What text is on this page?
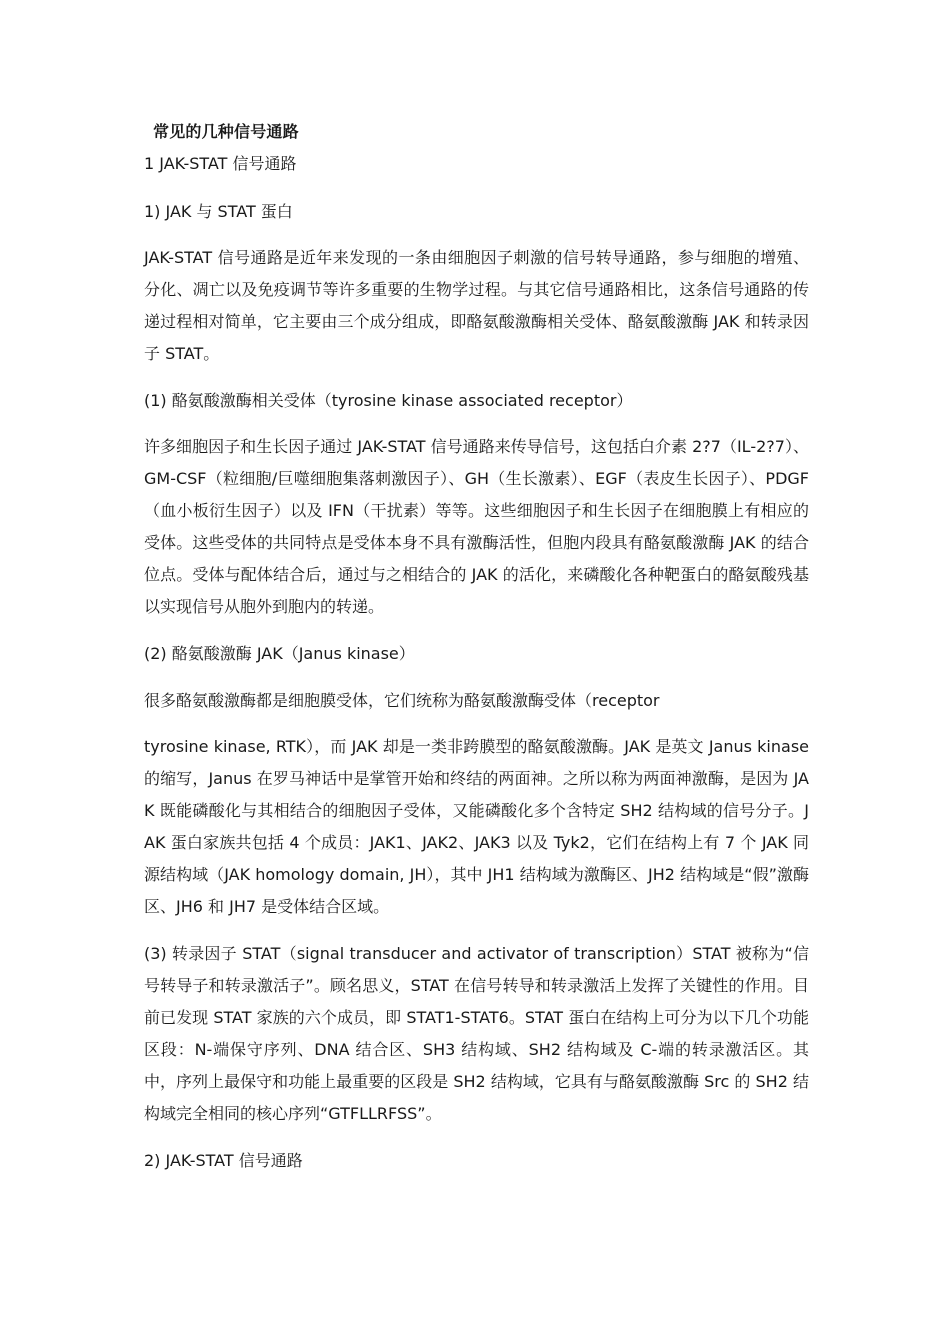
常见的几种信号通路
1 JAK-STAT 信号通路
1) JAK 与 STAT 蛋白
JAK-STAT 信号通路是近年来发现的一条由细胞因子刺激的信号转导通路，参与细胞的增殖、分化、凋亡以及免疫调节等许多重要的生物学过程。与其它信号通路相比，这条信号通路的传递过程相对简单，它主要由三个成分组成，即酪氨酸激酶相关受体、酪氨酸激酶 JAK 和转录因子 STAT。
(1) 酪氨酸激酶相关受体（tyrosine kinase associated receptor）
许多细胞因子和生长因子通过 JAK-STAT 信号通路来传导信号，这包括白介素 2?7（IL-2?7）、GM-CSF（粒细胞/巨噬细胞集落刺激因子）、GH（生长激素）、EGF（表皮生长因子）、PDGF （血小板衍生因子）以及 IFN（干扰素）等等。这些细胞因子和生长因子在细胞膜上有相应的受体。这些受体的共同特点是受体本身不具有激酶活性，但胞内段具有酪氨酸激酶 JAK 的结合位点。受体与配体结合后，通过与之相结合的 JAK 的活化，来磷酸化各种靶蛋白的酪氨酸残基以实现信号从胞外到胞内的转递。
(2) 酪氨酸激酶 JAK（Janus kinase）
很多酪氨酸激酶都是细胞膜受体，它们统称为酪氨酸激酶受体（receptor
tyrosine kinase, RTK），而 JAK 却是一类非跨膜型的酪氨酸激酶。JAK 是英文 Janus kinase 的缩写，Janus 在罗马神话中是掌管开始和终结的两面神。之所以称为两面神激酶，是因为 JAK 既能磷酸化与其相结合的细胞因子受体，又能磷酸化多个含特定 SH2 结构域的信号分子。JAK 蛋白家族共包括 4 个成员：JAK1、JAK2、JAK3 以及 Tyk2，它们在结构上有 7 个 JAK 同源结构域（JAK homology domain, JH），其中 JH1 结构域为激酶区、JH2 结构域是“假”激酶区、JH6 和 JH7 是受体结合区域。
(3) 转录因子 STAT（signal transducer and activator of transcription）STAT 被称为“信号转导子和转录激活子”。顾名思义，STAT 在信号转导和转录激活上发挥了关键性的作用。目前已发现 STAT 家族的六个成员，即 STAT1-STAT6。STAT 蛋白在结构上可分为以下几个功能区段：N-端保守序列、DNA 结合区、SH3 结构域、SH2 结构域及 C-端的转录激活区。其中，序列上最保守和功能上最重要的区段是 SH2 结构域，它具有与酪氨酸激酶 Src 的 SH2 结构域完全相同的核心序列“GTFLLRFSS”。
2) JAK-STAT 信号通路
